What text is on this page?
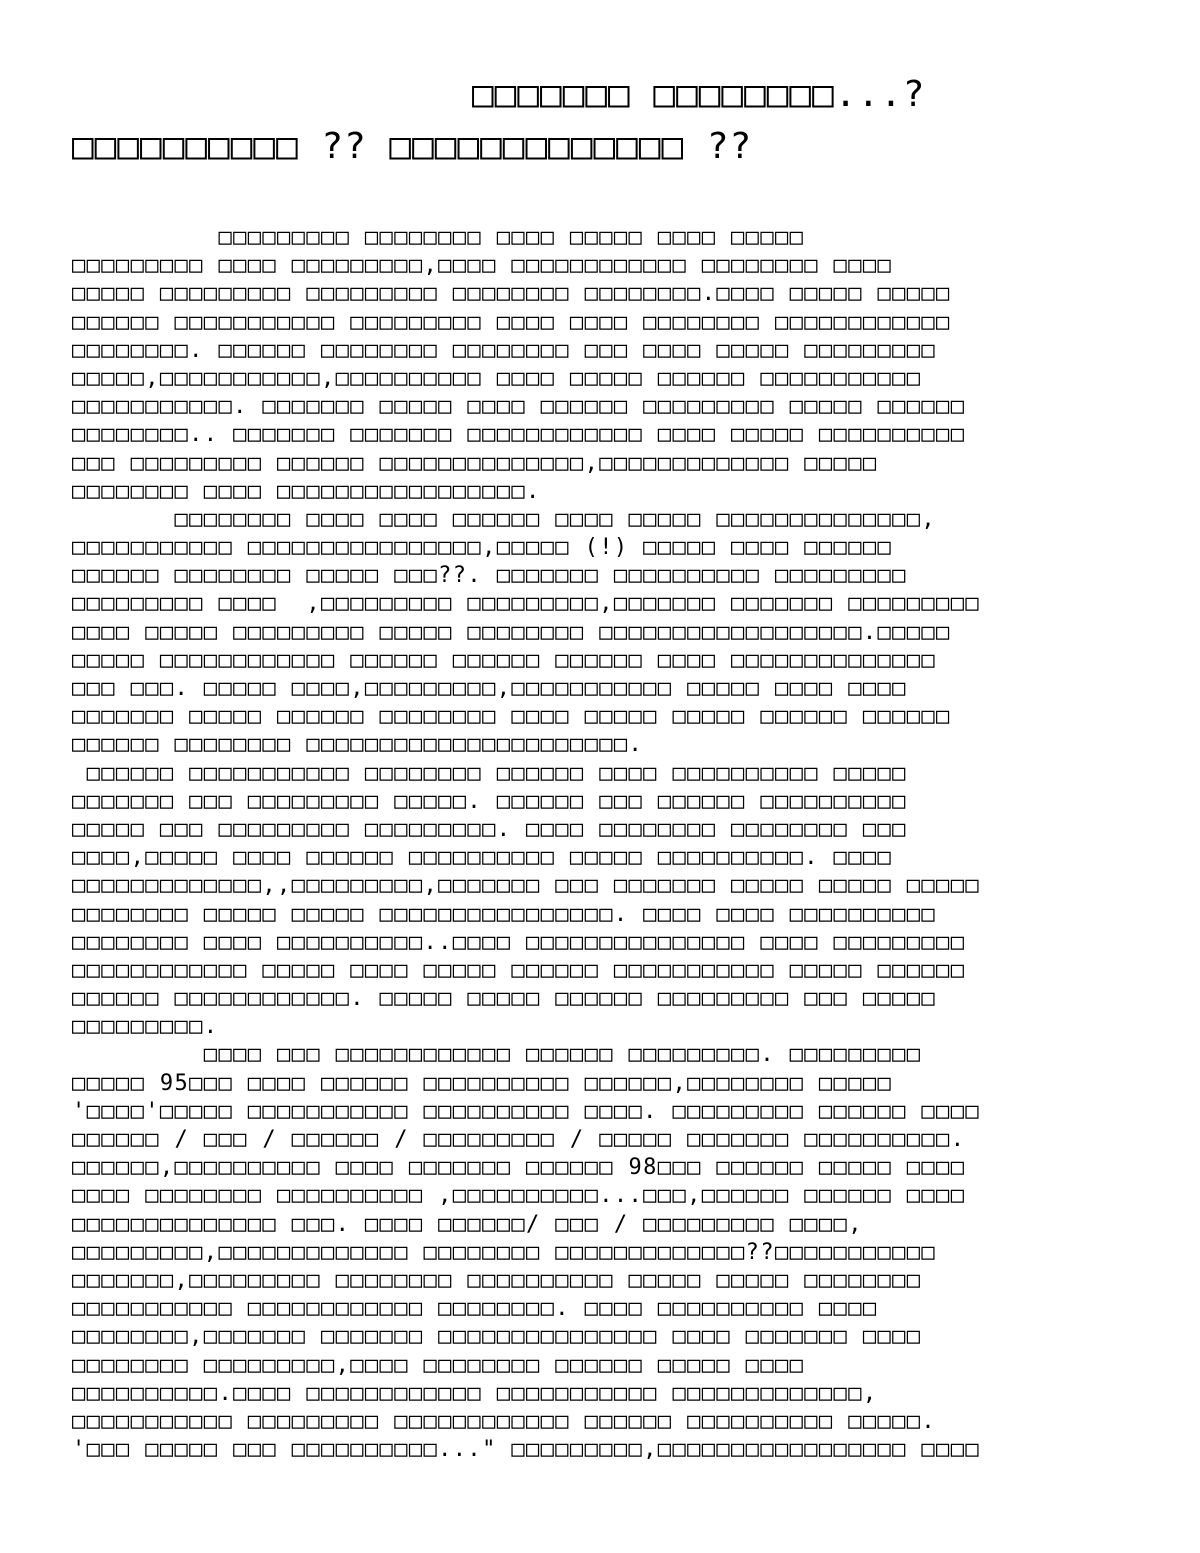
□□□□□□□ □□□□□□□□...?
□□□□□□□□□□ ?? □□□□□□□□□□□□□ ??
□□□□□□□□□ □□□□□□□□ □□□□ □□□□□ □□□□ □□□□□
□□□□□□□□□ □□□□ □□□□□□□□□,□□□□ □□□□□□□□□□□□ □□□□□□□□ □□□□
□□□□□ □□□□□□□□□ □□□□□□□□□ □□□□□□□□ □□□□□□□□.□□□□ □□□□□ □□□□□
□□□□□□ □□□□□□□□□□□ □□□□□□□□□ □□□□ □□□□ □□□□□□□□ □□□□□□□□□□□□
□□□□□□□□. □□□□□□ □□□□□□□□ □□□□□□□□ □□□ □□□□ □□□□□ □□□□□□□□□
□□□□□,□□□□□□□□□□□,□□□□□□□□□□ □□□□ □□□□□ □□□□□□ □□□□□□□□□□□
□□□□□□□□□□□. □□□□□□□ □□□□□ □□□□ □□□□□□ □□□□□□□□□ □□□□□ □□□□□□
□□□□□□□□.. □□□□□□□ □□□□□□□ □□□□□□□□□□□□ □□□□ □□□□□ □□□□□□□□□□
□□□ □□□□□□□□□ □□□□□□ □□□□□□□□□□□□□□,□□□□□□□□□□□□□ □□□□□
□□□□□□□□ □□□□ □□□□□□□□□□□□□□□□□.
□□□□□□□□ □□□□ □□□□ □□□□□□ □□□□ □□□□□ □□□□□□□□□□□□□□,
□□□□□□□□□□□ □□□□□□□□□□□□□□□□,□□□□□ (!) □□□□□ □□□□ □□□□□□
□□□□□□ □□□□□□□□ □□□□□ □□□??. □□□□□□□ □□□□□□□□□□ □□□□□□□□□
□□□□□□□□□ □□□□  ,□□□□□□□□□ □□□□□□□□□,□□□□□□□ □□□□□□□ □□□□□□□□□
□□□□ □□□□□ □□□□□□□□□ □□□□□ □□□□□□□□ □□□□□□□□□□□□□□□□□□.□□□□□
□□□□□ □□□□□□□□□□□□ □□□□□□ □□□□□□ □□□□□□ □□□□ □□□□□□□□□□□□□□
□□□ □□□. □□□□□ □□□□,□□□□□□□□□,□□□□□□□□□□□ □□□□□ □□□□ □□□□
□□□□□□□ □□□□□ □□□□□□ □□□□□□□□ □□□□ □□□□□ □□□□□ □□□□□□ □□□□□□
□□□□□□ □□□□□□□□ □□□□□□□□□□□□□□□□□□□□□□.
□□□□□□ □□□□□□□□□□□ □□□□□□□□ □□□□□□ □□□□ □□□□□□□□□□ □□□□□
□□□□□□□ □□□ □□□□□□□□□ □□□□□. □□□□□□ □□□ □□□□□□ □□□□□□□□□□
□□□□□ □□□ □□□□□□□□□ □□□□□□□□□. □□□□ □□□□□□□□ □□□□□□□□ □□□
□□□□,□□□□□ □□□□ □□□□□□ □□□□□□□□□□ □□□□□ □□□□□□□□□□. □□□□
□□□□□□□□□□□□□,,□□□□□□□□□,□□□□□□□ □□□ □□□□□□□ □□□□□ □□□□□ □□□□□
□□□□□□□□ □□□□□ □□□□□ □□□□□□□□□□□□□□□□. □□□□ □□□□ □□□□□□□□□□
□□□□□□□□ □□□□ □□□□□□□□□□..□□□□ □□□□□□□□□□□□□□□ □□□□ □□□□□□□□□
□□□□□□□□□□□□ □□□□□ □□□□ □□□□□ □□□□□□ □□□□□□□□□□□ □□□□□ □□□□□□
□□□□□□ □□□□□□□□□□□□. □□□□□ □□□□□ □□□□□□ □□□□□□□□□ □□□ □□□□□
□□□□□□□□□.
□□□□ □□□ □□□□□□□□□□□□ □□□□□□ □□□□□□□□□. □□□□□□□□□
□□□□□ 95□□□ □□□□ □□□□□□ □□□□□□□□□□ □□□□□□,□□□□□□□□ □□□□□
'□□□□'□□□□□ □□□□□□□□□□□ □□□□□□□□□□ □□□□. □□□□□□□□□ □□□□□□ □□□□
□□□□□□ / □□□ / □□□□□□ / □□□□□□□□□ / □□□□□ □□□□□□□ □□□□□□□□□□.
□□□□□□,□□□□□□□□□□ □□□□ □□□□□□□ □□□□□□ 98□□□ □□□□□□ □□□□□ □□□□
□□□□ □□□□□□□□ □□□□□□□□□□ ,□□□□□□□□□□...□□□,□□□□□□ □□□□□□ □□□□
□□□□□□□□□□□□□□ □□□. □□□□ □□□□□□/ □□□ / □□□□□□□□□ □□□□,
□□□□□□□□□,□□□□□□□□□□□□□ □□□□□□□□ □□□□□□□□□□□□□??□□□□□□□□□□□
□□□□□□□,□□□□□□□□□ □□□□□□□□ □□□□□□□□□□ □□□□□ □□□□□ □□□□□□□□
□□□□□□□□□□□ □□□□□□□□□□□□ □□□□□□□□. □□□□ □□□□□□□□□□ □□□□
□□□□□□□□,□□□□□□□ □□□□□□□ □□□□□□□□□□□□□□□ □□□□ □□□□□□□ □□□□
□□□□□□□□ □□□□□□□□□,□□□□ □□□□□□□□ □□□□□□ □□□□□ □□□□
□□□□□□□□□□.□□□□ □□□□□□□□□□□□ □□□□□□□□□□□ □□□□□□□□□□□□□,
□□□□□□□□□□□ □□□□□□□□□ □□□□□□□□□□□□ □□□□□□ □□□□□□□□□□ □□□□□.
'□□□ □□□□□ □□□ □□□□□□□□□□..." □□□□□□□□□,□□□□□□□□□□□□□□□□□ □□□□
